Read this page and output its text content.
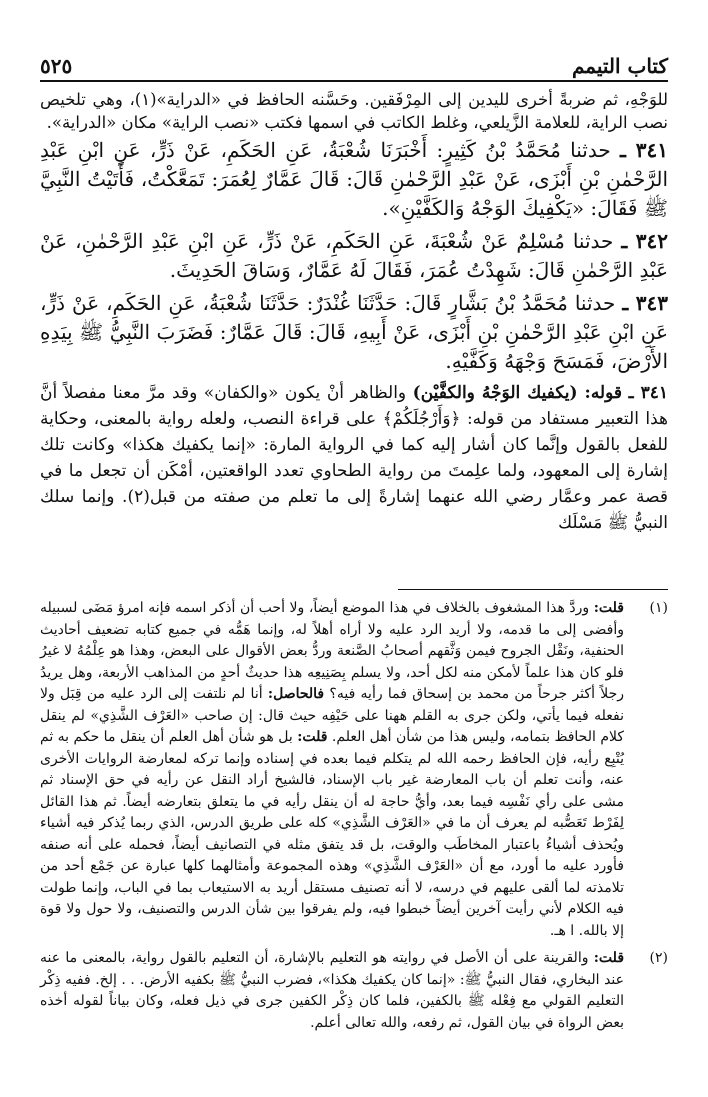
٥٢٥	كتاب التيمم

للوَجْهِ، ثم ضربةً أخرى لليدين إلى المِرْفَقين. وحَسَّنه الحافظ في «الدراية»(١)، وهي تلخيص نصب الراية، للعلامة الزَّيلعي، وغلط الكاتب في اسمها فكتب «نصب الراية» مكان «الدراية».

٣٤١ ـ حدثنا مُحَمَّدُ بْنُ كَثِيرٍ: أَخْبَرَنَا شُعْبَةُ، عَنِ الحَكَمِ، عَنْ ذَرٍّ، عَنِ ابْنِ عَبْدِ الرَّحْمٰنِ بْنِ أَبْزَى، عَنْ عَبْدِ الرَّحْمٰنِ قَالَ: قَالَ عَمَّارٌ لِعُمَرَ: تَمَعَّكْتُ، فَأَتَيْتُ النَّبِيَّ ﷺ فَقَالَ: «يَكْفِيكَ الوَجْهُ وَالكَفَّيْنِ».

٣٤٢ ـ حدثنا مُسْلِمٌ عَنْ شُعْبَةَ، عَنِ الحَكَمِ، عَنْ ذَرٍّ، عَنِ ابْنِ عَبْدِ الرَّحْمٰنِ، عَنْ عَبْدِ الرَّحْمٰنِ قَالَ: شَهِدْتُ عُمَرَ، فَقَالَ لَهُ عَمَّارٌ، وَسَاقَ الحَدِيثَ.

٣٤٣ ـ حدثنا مُحَمَّدُ بْنُ بَشَّارٍ قَالَ: حَدَّثَنَا غُنْدَرٌ: حَدَّثَنَا شُعْبَةُ، عَنِ الحَكَمِ، عَنْ ذَرٍّ، عَنِ ابْنِ عَبْدِ الرَّحْمٰنِ بْنِ أَبْزَى، عَنْ أَبِيهِ، قَالَ: قَالَ عَمَّارٌ: فَضَرَبَ النَّبِيُّ ﷺ بِيَدِهِ الأَرْضَ، فَمَسَحَ وَجْهَهُ وَكَفَّيْهِ.

٣٤١ ـ قوله: (يكفيك الوَجْهُ والكفَّيْن) والظاهر أنْ يكون «والكفان» وقد مرَّ معنا مفصلاً أنَّ هذا التعبير مستفاد من قوله: ﴿وَأَرْجُلَكُمْ﴾ على قراءة النصب، ولعله رواية بالمعنى، وحكاية للفعل بالقول وإنَّما كان أشار إليه كما في الرواية المارة: «إنما يكفيك هكذا» وكانت تلك إشارة إلى المعهود، ولما علِمتَ من رواية الطحاوي تعدد الواقعتين، أمْكَن أن تجعل ما في قصة عمر وعمَّار رضي الله عنهما إشارةً إلى ما تعلم من صفته من قبل(٢). وإنما سلك النبيُّ ﷺ مَسْلَك

(١)
قلت: وردَّ هذا المشغوف بالخلاف في هذا الموضع أيضاً، ولا أحب أن أذكر اسمه فإنه امرؤ مَضَى لسبيله وأفضى إلى ما قدمه، ولا أريد الرد عليه ولا أراه أهلاً له، وإنما هَمُّه في جميع كتابه تضعيف أحاديث الحنفية، ونَقْل الجروح فيمن وَثَّقهم أصحابُ الصَّنعة وردُّ بعض الأقوال على البعض، وهذا هو عِلْمُهُ لا غيرُ فلو كان هذا علماً لأمكن منه لكل أحد، ولا يسلم بِصَنِيعِه هذا حديثٌ أحدٍ من المذاهب الأربعة، وهل يريدُ رجلاً أكثر جرحاً من محمد بن إسحاق فما رأيه فيه؟ فالحاصل: أنا لم نلتفت إلى الرد عليه من قِبَل ولا نفعله فيما يأتي، ولكن جرى به القلم ههنا على حَيْفِه حيث قال: إن صاحب «العَرْف الشَّذِي» لم ينقل كلام الحافظ بتمامه، وليس هذا من شأن أهل العلم. قلت: بل هو شأن أهل العلم أن ينقل ما حكم به ثم يُتْبِع رأيه، فإن الحافظ رحمه الله لم يتكلم فيما بعده في إسناده وإنما تركه لمعارضة الروايات الأخرى عنه، وأنت تعلم أن باب المعارضة غير باب الإسناد، فالشيخ أراد النقل عن رأيه في حق الإسناد ثم مشى على رأي نَفْسِه فيما بعد، وأيُّ حاجة له أن ينقل رأيه في ما يتعلق بتعارضه أيضاً. ثم هذا القائل لِفَرْط تَعَصُّبه لم يعرف أن ما في «العَرْف الشَّذِي» كله على طريق الدرس، الذي ربما يُذكر فيه أشياء ويُحذف أشياءُ باعتبار المخاطَب والوقت، بل قد يتفق مثله في التصانيف أيضاً، فحمله على أنه صنفه فأورد عليه ما أورد، مع أن «العَرْف الشَّذِي» وهذه المجموعة وأمثالهما كلها عبارة عن جَمْع أحد من تلامذته لما ألقى عليهم في درسه، لا أنه تصنيف مستقل أريد به الاستيعاب بما في الباب، وإنما طولت فيه الكلام لأني رأيت آخرين أيضاً خبطوا فيه، ولم يفرقوا بين شأن الدرس والتصنيف، ولا حول ولا قوة إلا بالله. ا هـ.
(٢)
قلت: والقرينة على أن الأصل في روايته هو التعليم بالإشارة، أن التعليم بالقول رواية، بالمعنى ما عنه عند البخاري، فقال النبيُّ ﷺ: «إنما كان يكفيك هكذا»، فضرب النبيُّ ﷺ بكفيه الأرض. . . إلخ. ففيه ذِكْر التعليم القولي مع فِعْله ﷺ بالكفين، فلما كان ذِكْر الكفين جرى في ذيل فعله، وكان بياناً لقوله أخذه بعض الرواة في بيان القول، ثم رفعه، والله تعالى أعلم.
